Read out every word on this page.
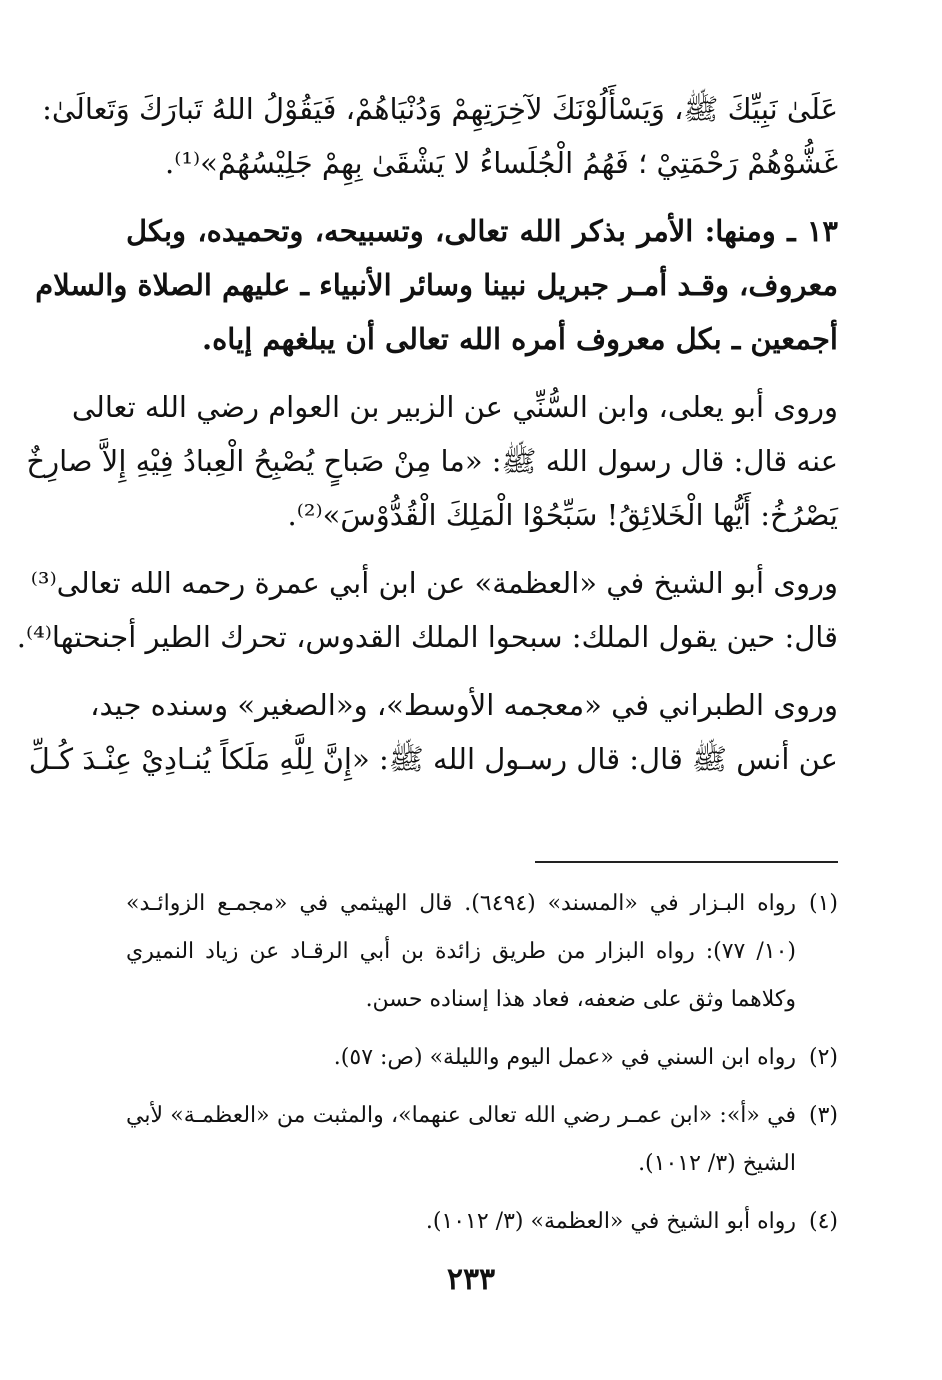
عَلَىٰ نَبِيِّكَ ﷺ، وَيَسْأَلُوْنَكَ لآخِرَتِهِمْ وَدُنْيَاهُمْ، فَيَقُوْلُ اللهُ تَبارَكَ وَتَعالَىٰ:
غَشُّوْهُمْ رَحْمَتِيْ ؛ فَهُمُ الْجُلَساءُ لا يَشْقَىٰ بِهِمْ جَلِيْسُهُمْ»⁽¹⁾.
١٣ ـ ومنها: الأمر بذكر الله تعالى، وتسبيحه، وتحميده، وبكل
معروف، وقـد أمـر جبريل نبينا وسائر الأنبياء ـ عليهم الصلاة والسلام
أجمعين ـ بكل معروف أمره الله تعالى أن يبلغهم إياه.
وروى أبو يعلى، وابن السُّنِّي عن الزبير بن العوام رضي الله تعالى
عنه قال: قال رسول الله ﷺ: «ما مِنْ صَباحٍ يُصْبِحُ الْعِبادُ فِيْهِ إِلاَّ صارِخٌ
يَصْرُخُ: أَيُّها الْخَلائِقُ! سَبِّحُوْا الْمَلِكَ الْقُدُّوْسَ»⁽²⁾.
وروى أبو الشيخ في «العظمة» عن ابن أبي عمرة رحمه الله تعالى⁽³⁾
قال: حين يقول الملك: سبحوا الملك القدوس، تحرك الطير أجنحتها⁽⁴⁾.
وروى الطبراني في «معجمه الأوسط»، و«الصغير» وسنده جيد،
عن أنس ﷺ قال: قال رسـول الله ﷺ: «إِنَّ لِلَّهِ مَلَكاً يُنـادِيْ عِنْـدَ كُـلِّ
(١)
رواه البـزار في «المسند» (٦٤٩٤). قال الهيثمي في «مجمـع الزوائـد»
(١٠/ ٧٧): رواه البزار من طريق زائدة بن أبي الرقـاد عن زياد النميري
وكلاهما وثق على ضعفه، فعاد هذا إسناده حسن.
(٢)
رواه ابن السني في «عمل اليوم والليلة» (ص: ٥٧).
(٣)
في «أ»: «ابن عمـر رضي الله تعالى عنهما»، والمثبت من «العظمـة» لأبي
الشيخ (٣/ ١٠١٢).
(٤)
رواه أبو الشيخ في «العظمة» (٣/ ١٠١٢).
٢٣٣
